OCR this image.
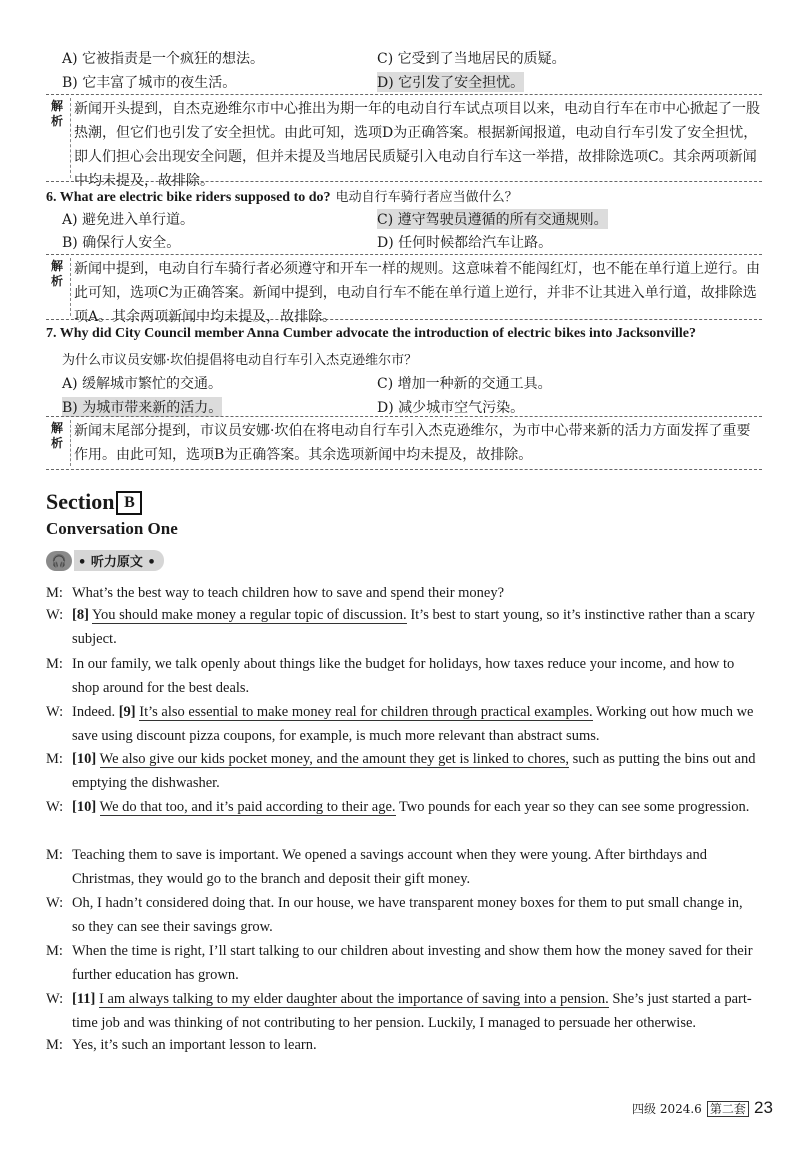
A) 它被指责是一个疯狂的想法。	C) 它受到了当地居民的质疑。
B) 它丰富了城市的夜生活。	D) 它引发了安全担忧。
解析
新闻开头提到，自杰克逊维尔市中心推出为期一年的电动自行车试点项目以来，电动自行车在市中心掀起了一股热潮，但它们也引发了安全担忧。由此可知，选项D为正确答案。根据新闻报道，电动自行车引发了安全担忧，即人们担心会出现安全问题，但并未提及当地居民质疑引入电动自行车这一举措，故排除选项C。其余两项新闻中均未提及，故排除。
6. What are electric bike riders supposed to do? 电动自行车骑行者应当做什么？
A) 避免进入单行道。	C) 遵守驾驶员遵循的所有交通规则。
B) 确保行人安全。	D) 任何时候都给汽车让路。
解析
新闻中提到，电动自行车骑行者必须遵守和开车一样的规则。这意味着不能闯红灯，也不能在单行道上逆行。由此可知，选项C为正确答案。新闻中提到，电动自行车不能在单行道上逆行，并非不让其进入单行道，故排除选项A。其余两项新闻中均未提及，故排除。
7. Why did City Council member Anna Cumber advocate the introduction of electric bikes into Jacksonville?
为什么市议员安娜·坎伯提倡将电动自行车引入杰克逊维尔市？
A) 缓解城市繁忙的交通。	C) 增加一种新的交通工具。
B) 为城市带来新的活力。	D) 减少城市空气污染。
解析
新闻末尾部分提到，市议员安娜·坎伯在将电动自行车引入杰克逊维尔，为市中心带来新的活力方面发挥了重要作用。由此可知，选项B为正确答案。其余选项新闻中均未提及，故排除。
Section B
Conversation One
🎧 • 听力原文 •
M: What’s the best way to teach children how to save and spend their money?
W: [8] You should make money a regular topic of discussion. It’s best to start young, so it’s instinctive rather than a scary subject.
M: In our family, we talk openly about things like the budget for holidays, how taxes reduce your income, and how to shop around for the best deals.
W: Indeed. [9] It’s also essential to make money real for children through practical examples. Working out how much we save using discount pizza coupons, for example, is much more relevant than abstract sums.
M: [10] We also give our kids pocket money, and the amount they get is linked to chores, such as putting the bins out and emptying the dishwasher.
W: [10] We do that too, and it’s paid according to their age. Two pounds for each year so they can see some progression.
M: Teaching them to save is important. We opened a savings account when they were young. After birthdays and Christmas, they would go to the branch and deposit their gift money.
W: Oh, I hadn’t considered doing that. In our house, we have transparent money boxes for them to put small change in, so they can see their savings grow.
M: When the time is right, I’ll start talking to our children about investing and show them how the money saved for their further education has grown.
W: [11] I am always talking to my elder daughter about the importance of saving into a pension. She’s just started a part-time job and was thinking of not contributing to her pension. Luckily, I managed to persuade her otherwise.
M: Yes, it’s such an important lesson to learn.
四级 2024.6 第二套 23
